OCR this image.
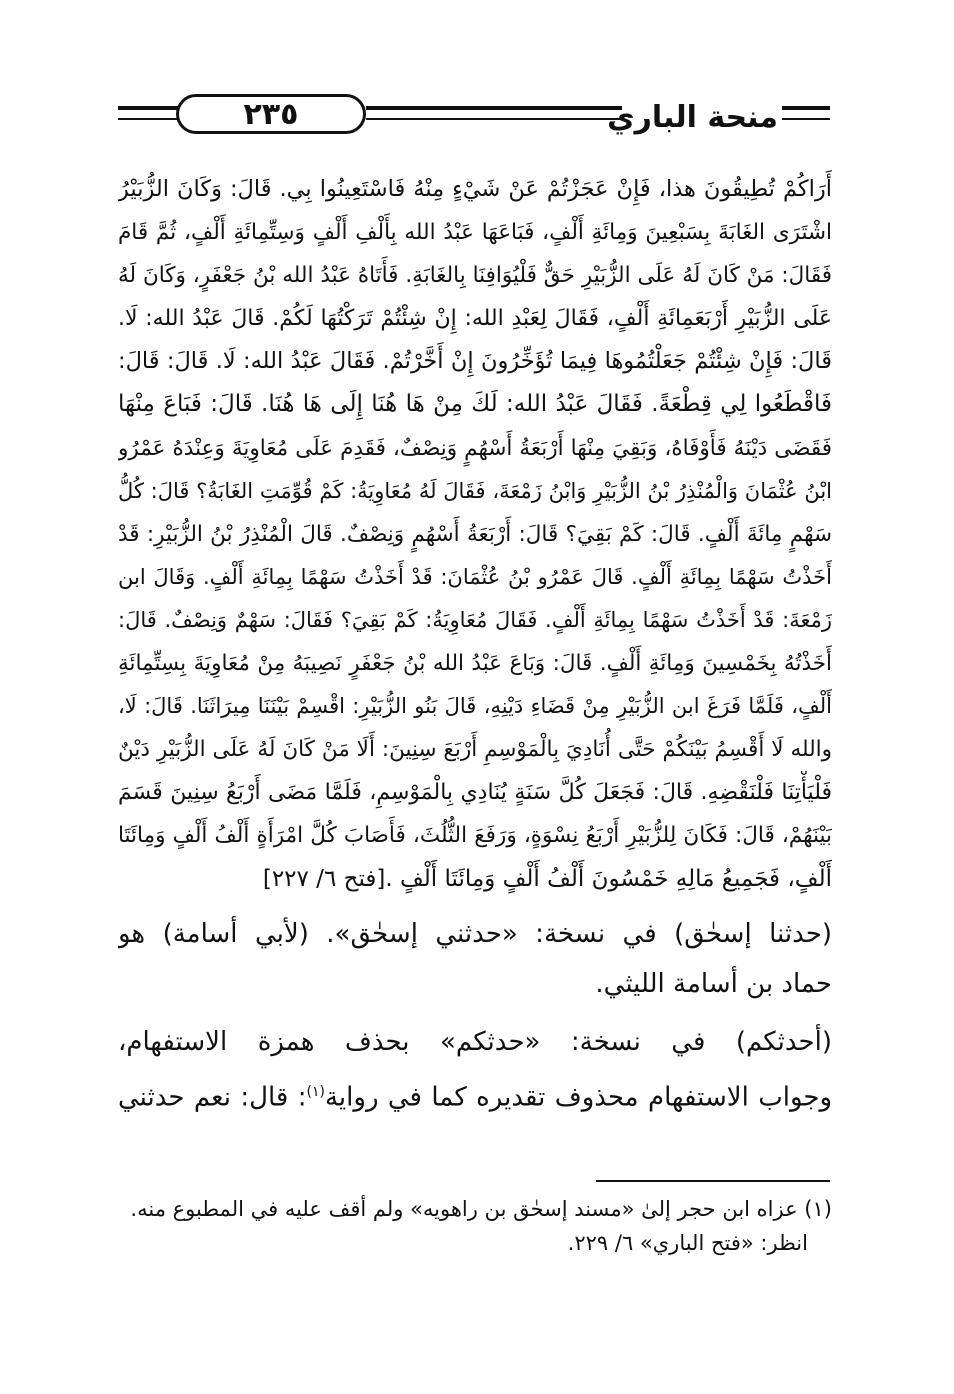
٢٣٥	منحة الباري
أَرَاكُمْ تُطِيقُونَ هذا، فَإِنْ عَجَزْتُمْ عَنْ شَيْءٍ مِنْهُ فَاسْتَعِينُوا بِي. قَالَ: وَكَانَ الزُّبَيْرُ
اشْتَرَى الغَابَةَ بِسَبْعِينَ وَمِائَةِ أَلْفٍ، فَبَاعَهَا عَبْدُ الله بِأَلْفِ أَلْفٍ وَسِتِّمِائَةِ أَلْفٍ، ثُمَّ قَامَ
فَقَالَ: مَنْ كَانَ لَهُ عَلَى الزُّبَيْرِ حَقٌّ فَلْيُوَافِنَا بِالغَابَةِ. فَأَتَاهُ عَبْدُ الله بْنُ جَعْفَرٍ، وَكَانَ لَهُ
عَلَى الزُّبَيْرِ أَرْبَعَمِائَةِ أَلْفٍ، فَقَالَ لِعَبْدِ الله: إِنْ شِئْتُمْ تَرَكْتُهَا لَكُمْ. قَالَ عَبْدُ الله: لَا.
قَالَ: فَإِنْ شِئْتُمْ جَعَلْتُمُوهَا فِيمَا تُؤَخِّرُونَ إِنْ أَخَّرْتُمْ. فَقَالَ عَبْدُ الله: لَا. قَالَ: قَالَ:
فَاقْطَعُوا لِي قِطْعَةً. فَقَالَ عَبْدُ الله: لَكَ مِنْ هَا هُنَا إِلَى هَا هُنَا. قَالَ: فَبَاعَ مِنْهَا
فَقَضَى دَيْنَهُ فَأَوْفَاهُ، وَبَقِيَ مِنْهَا أَرْبَعَةُ أَسْهُمٍ وَنِصْفٌ، فَقَدِمَ عَلَى مُعَاوِيَةَ وَعِنْدَهُ عَمْرُو
ابْنُ عُثْمَانَ وَالْمُنْذِرُ بْنُ الزُّبَيْرِ وَابْنُ زَمْعَةَ، فَقَالَ لَهُ مُعَاوِيَةُ: كَمْ قُوِّمَتِ الغَابَةُ؟ قَالَ: كُلُّ
سَهْمٍ مِائَةَ أَلْفٍ. قَالَ: كَمْ بَقِيَ؟ قَالَ: أَرْبَعَةُ أَسْهُمٍ وَنِصْفٌ. قَالَ الْمُنْذِرُ بْنُ الزُّبَيْرِ: قَدْ
أَخَذْتُ سَهْمًا بِمِائَةِ أَلْفٍ. قَالَ عَمْرُو بْنُ عُثْمَانَ: قَدْ أَخَذْتُ سَهْمًا بِمِائَةِ أَلْفٍ. وَقَالَ ابن
زَمْعَةَ: قَدْ أَخَذْتُ سَهْمًا بِمِائَةِ أَلْفٍ. فَقَالَ مُعَاوِيَةُ: كَمْ بَقِيَ؟ فَقَالَ: سَهْمٌ وَنِصْفٌ. قَالَ:
أَخَذْتُهُ بِخَمْسِينَ وَمِائَةِ أَلْفٍ. قَالَ: وَبَاعَ عَبْدُ الله بْنُ جَعْفَرٍ نَصِيبَهُ مِنْ مُعَاوِيَةَ بِسِتِّمِائَةِ
أَلْفٍ، فَلَمَّا فَرَغَ ابن الزُّبَيْرِ مِنْ قَضَاءِ دَيْنِهِ، قَالَ بَنُو الزُّبَيْرِ: اقْسِمْ بَيْنَنَا مِيرَاثَنَا. قَالَ: لَا،
والله لَا أَقْسِمُ بَيْنَكُمْ حَتَّى أُنَادِيَ بِالْمَوْسِمِ أَرْبَعَ سِنِينَ: أَلَا مَنْ كَانَ لَهُ عَلَى الزُّبَيْرِ دَيْنٌ
فَلْيَأْتِنَا فَلْنَقْضِهِ. قَالَ: فَجَعَلَ كُلَّ سَنَةٍ يُنَادِي بِالْمَوْسِمِ، فَلَمَّا مَضَى أَرْبَعُ سِنِينَ قَسَمَ
بَيْنَهُمْ، قَالَ: فَكَانَ لِلزُّبَيْرِ أَرْبَعُ نِسْوَةٍ، وَرَفَعَ الثُّلُثَ، فَأَصَابَ كُلَّ امْرَأَةٍ أَلْفُ أَلْفٍ وَمِائَتَا
أَلْفٍ، فَجَمِيعُ مَالِهِ خَمْسُونَ أَلْفُ أَلْفٍ وَمِائَتَا أَلْفٍ .[فتح ٦/ ٢٢٧]
(حدثنا إسحٰق) في نسخة: «حدثني إسحٰق». (لأبي أسامة) هو
حماد بن أسامة الليثي.
(أحدثكم) في نسخة: «حدثكم» بحذف همزة الاستفهام،
وجواب الاستفهام محذوف تقديره كما في رواية$^{(١)}$: قال: نعم حدثني
(١) عزاه ابن حجر إلىٰ «مسند إسحٰق بن راهويه» ولم أقف عليه في المطبوع منه.
انظر: «فتح الباري» ٦/ ٢٢٩.
